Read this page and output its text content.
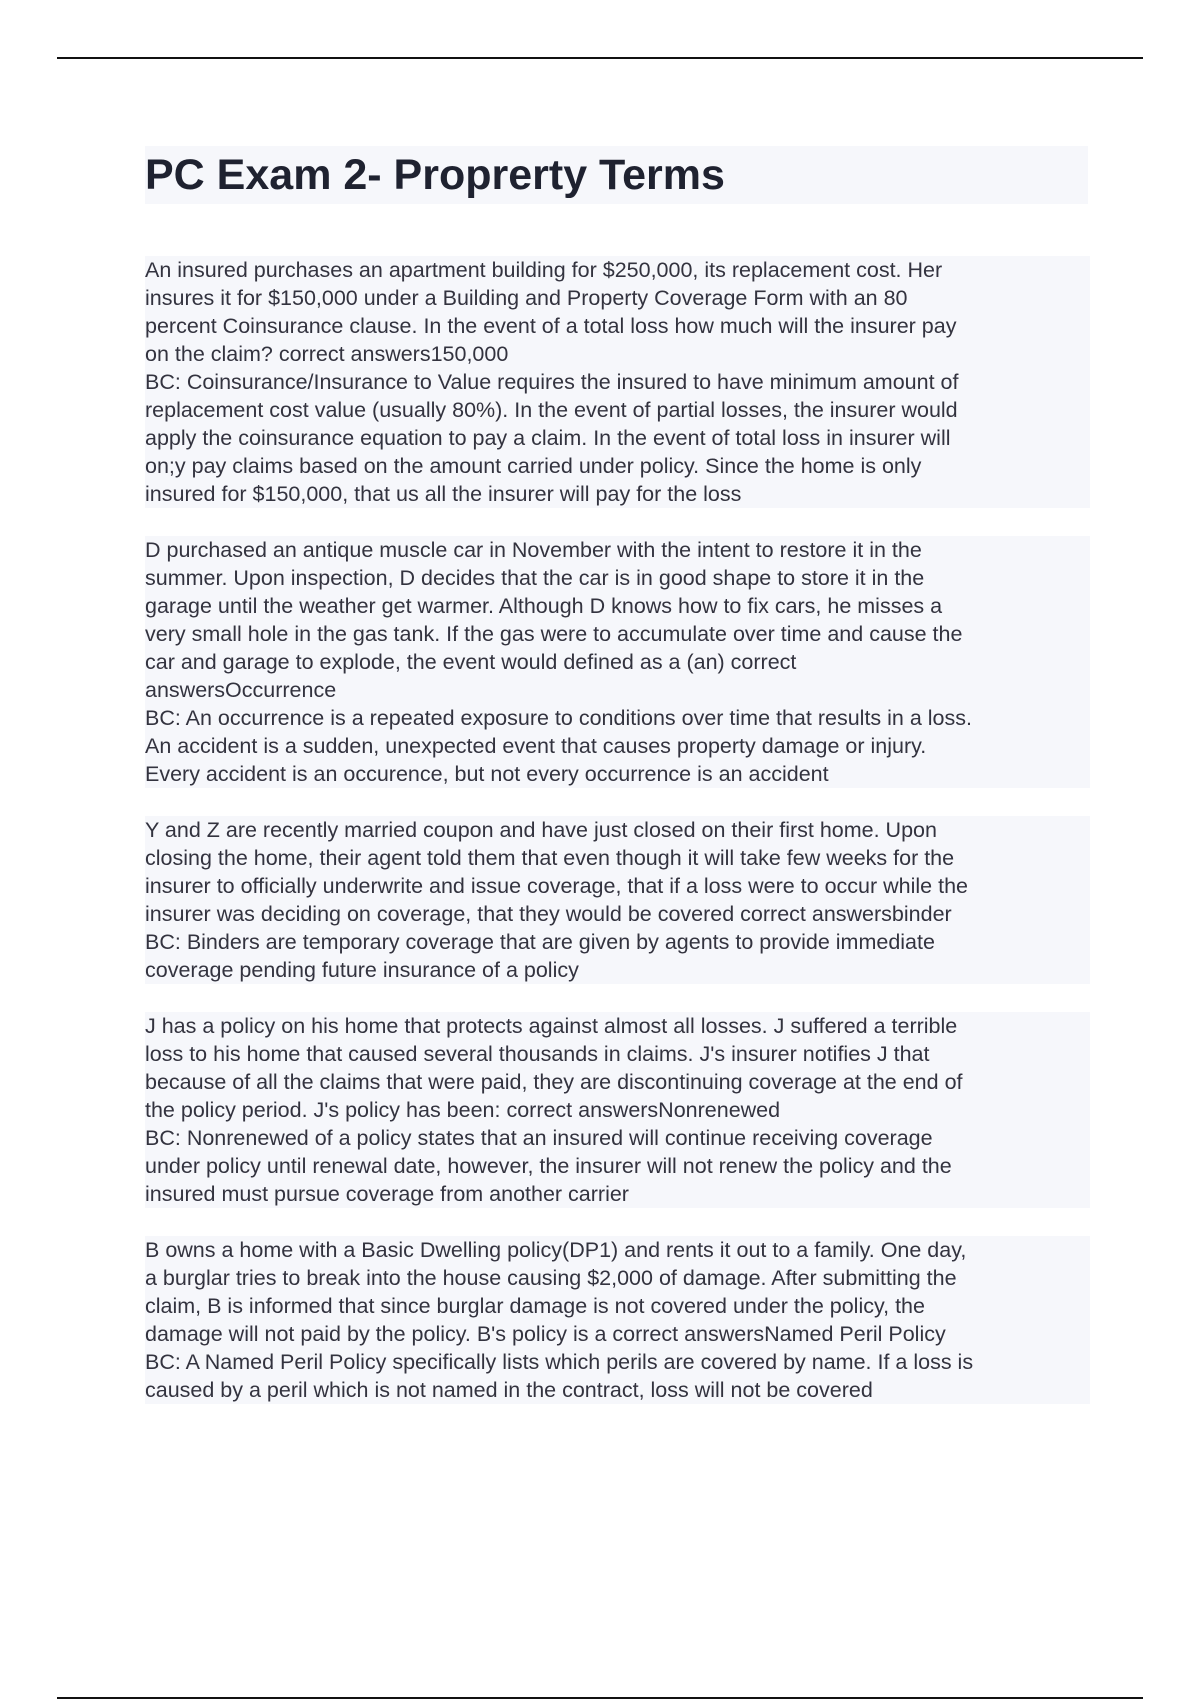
PC Exam 2- Proprerty Terms
An insured purchases an apartment building for $250,000, its replacement cost. Her
insures it for $150,000 under a Building and Property Coverage Form with an 80
percent Coinsurance clause. In the event of a total loss how much will the insurer pay
on the claim? correct answers150,000
BC: Coinsurance/Insurance to Value requires the insured to have minimum amount of
replacement cost value (usually 80%). In the event of partial losses, the insurer would
apply the coinsurance equation to pay a claim. In the event of total loss in insurer will
on;y pay claims based on the amount carried under policy. Since the home is only
insured for $150,000, that us all the insurer will pay for the loss
D purchased an antique muscle car in November with the intent to restore it in the
summer. Upon inspection, D decides that the car is in good shape to store it in the
garage until the weather get warmer. Although D knows how to fix cars, he misses a
very small hole in the gas tank. If the gas were to accumulate over time and cause the
car and garage to explode, the event would defined as a (an) correct
answersOccurrence
BC: An occurrence is a repeated exposure to conditions over time that results in a loss.
An accident is a sudden, unexpected event that causes property damage or injury.
Every accident is an occurence, but not every occurrence is an accident
Y and Z are recently married coupon and have just closed on their first home. Upon
closing the home, their agent told them that even though it will take few weeks for the
insurer to officially underwrite and issue coverage, that if a loss were to occur while the
insurer was deciding on coverage, that they would be covered correct answersbinder
BC: Binders are temporary coverage that are given by agents to provide immediate
coverage pending future insurance of a policy
J has a policy on his home that protects against almost all losses. J suffered a terrible
loss to his home that caused several thousands in claims. J's insurer notifies J that
because of all the claims that were paid, they are discontinuing coverage at the end of
the policy period. J's policy has been: correct answersNonrenewed
BC: Nonrenewed of a policy states that an insured will continue receiving coverage
under policy until renewal date, however, the insurer will not renew the policy and the
insured must pursue coverage from another carrier
B owns a home with a Basic Dwelling policy(DP1) and rents it out to a family. One day,
a burglar tries to break into the house causing $2,000 of damage. After submitting the
claim, B is informed that since burglar damage is not covered under the policy, the
damage will not paid by the policy. B's policy is a correct answersNamed Peril Policy
BC: A Named Peril Policy specifically lists which perils are covered by name. If a loss is
caused by a peril which is not named in the contract, loss will not be covered
